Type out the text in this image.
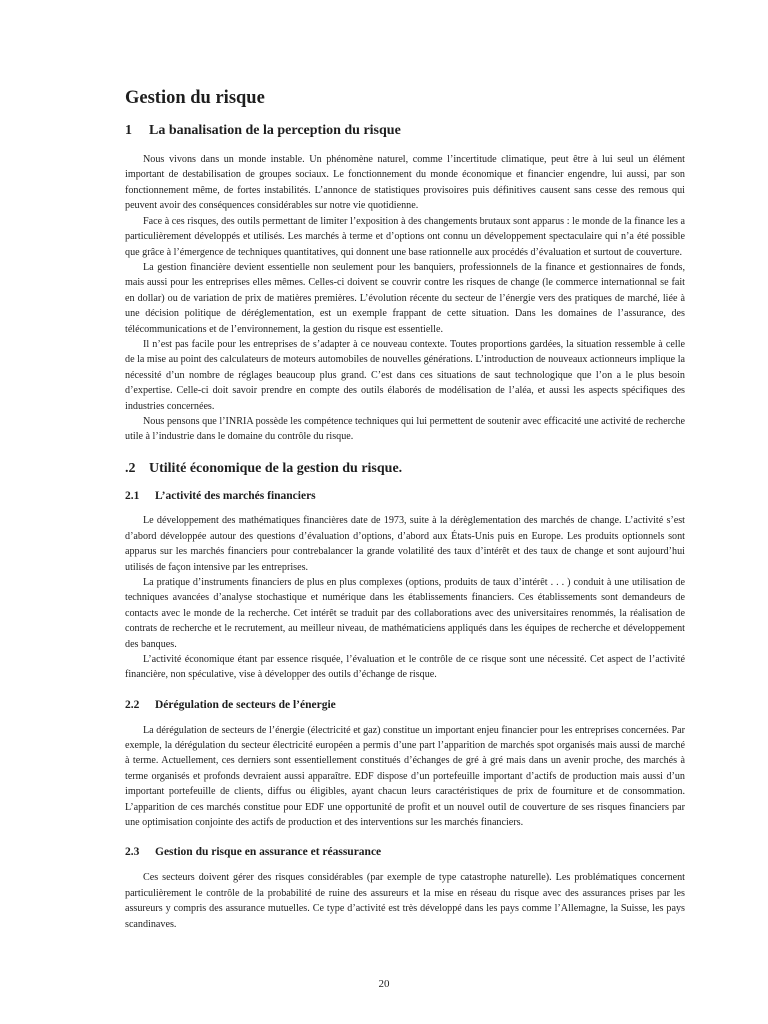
Gestion du risque
1	La banalisation de la perception du risque

Nous vivons dans un monde instable. Un phénomène naturel, comme l’incertitude climatique, peut être à lui seul un élément important de destabilisation de groupes sociaux. Le fonctionnement du monde économique et financier engendre, lui aussi, par son fonctionnement même, de fortes instabilités. L’annonce de statistiques provisoires puis définitives causent sans cesse des remous qui peuvent avoir des conséquences considérables sur notre vie quotidienne.

Face à ces risques, des outils permettant de limiter l’exposition à des changements brutaux sont apparus : le monde de la finance les a particulièrement développés et utilisés. Les marchés à terme et d’options ont connu un développement spectaculaire qui n’a été possible que grâce à l’émergence de techniques quantitatives, qui donnent une base rationnelle aux procédés d’évaluation et surtout de couverture.

La gestion financière devient essentielle non seulement pour les banquiers, professionnels de la finance et gestionnaires de fonds, mais aussi pour les entreprises elles mêmes. Celles-ci doivent se couvrir contre les risques de change (le commerce internationnal se fait en dollar) ou de variation de prix de matières premières. L’évolution récente du secteur de l’énergie vers des pratiques de marché, liée à une décision politique de déréglementation, est un exemple frappant de cette situation. Dans les domaines de l’assurance, des télécommunications et de l’environnement, la gestion du risque est essentielle.

Il n’est pas facile pour les entreprises de s’adapter à ce nouveau contexte. Toutes proportions gardées, la situation ressemble à celle de la mise au point des calculateurs de moteurs automobiles de nouvelles générations. L’introduction de nouveaux actionneurs implique la nécessité d’un nombre de réglages beaucoup plus grand. C’est dans ces situations de saut technologique que l’on a le plus besoin d’expertise. Celle-ci doit savoir prendre en compte des outils élaborés de modélisation de l’aléa, et aussi les aspects spécifiques des industries concernées.

Nous pensons que l’INRIA possède les compétence techniques qui lui permettent de soutenir avec efficacité une activité de recherche utile à l’industrie dans le domaine du contrôle du risque.

.2 Utilité économique de la gestion du risque.
2.1	L’activité des marchés financiers

Le développement des mathématiques financières date de 1973, suite à la dérèglementation des marchés de change. L’activité s’est d’abord développée autour des questions d’évaluation d’options, d’abord aux États-Unis puis en Europe. Les produits optionnels sont apparus sur les marchés financiers pour contrebalancer la grande volatilité des taux d’intérêt et des taux de change et sont aujourd’hui utilisés de façon intensive par les entreprises.

La pratique d’instruments financiers de plus en plus complexes (options, produits de taux d’intérêt . . . ) conduit à une utilisation de techniques avancées d’analyse stochastique et numérique dans les établissements financiers. Ces établissements sont demandeurs de contacts avec le monde de la recherche. Cet intérêt se traduit par des collaborations avec des universitaires renommés, la réalisation de contrats de recherche et le recrutement, au meilleur niveau, de mathématiciens appliqués dans les équipes de recherche et développement des banques.

L’activité économique étant par essence risquée, l’évaluation et le contrôle de ce risque sont une nécessité. Cet aspect de l’activité financière, non spéculative, vise à développer des outils d’échange de risque.

2.2	Dérégulation de secteurs de l’énergie

La dérégulation de secteurs de l’énergie (électricité et gaz) constitue un important enjeu financier pour les entreprises concernées. Par exemple, la dérégulation du secteur électricité européen a permis d’une part l’apparition de marchés spot organisés mais aussi de marché à terme. Actuellement, ces derniers sont essentiellement constitués d’échanges de gré à gré mais dans un avenir proche, des marchés à terme organisés et profonds devraient aussi apparaître. EDF dispose d’un portefeuille important d’actifs de production mais aussi d’un important portefeuille de clients, diffus ou éligibles, ayant chacun leurs caractéristiques de prix de fourniture et de consommation. L’apparition de ces marchés constitue pour EDF une opportunité de profit et un nouvel outil de couverture de ses risques financiers par une optimisation conjointe des actifs de production et des interventions sur les marchés financiers.

2.3	Gestion du risque en assurance et réassurance

Ces secteurs doivent gérer des risques considérables (par exemple de type catastrophe naturelle). Les problématiques concernent particulièrement le contrôle de la probabilité de ruine des assureurs et la mise en réseau du risque avec des assurances prises par les assureurs y compris des assurance mutuelles. Ce type d’activité est très développé dans les pays comme l’Allemagne, la Suisse, les pays scandinaves.

20
